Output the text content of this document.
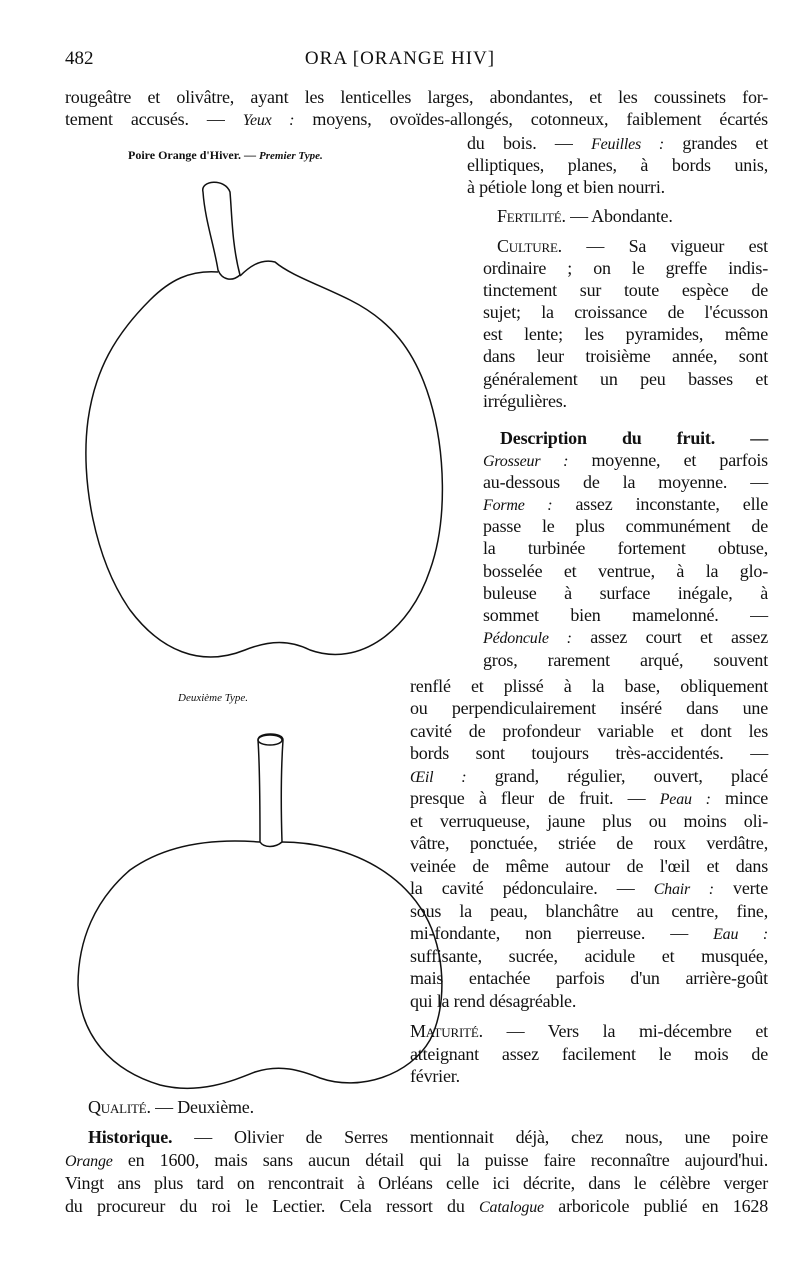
482	ORA [ORANGE HIV]
Poire Orange d'Hiver. — Premier Type.
Deuxième Type.
rougeâtre et olivâtre, ayant les lenticelles larges, abondantes, et les coussinets for-
tement accusés. — Yeux : moyens, ovoïdes-allongés, cotonneux, faiblement écartés
du bois. — Feuilles : grandes et
elliptiques, planes, à bords unis,
à pétiole long et bien nourri.
Fertilité. — Abondante.
Culture. — Sa vigueur est
ordinaire ; on le greffe indis-
tinctement sur toute espèce de
sujet; la croissance de l'écusson
est lente; les pyramides, même
dans leur troisième année, sont
généralement un peu basses et
irrégulières.
Description du fruit. —
Grosseur : moyenne, et parfois
au-dessous de la moyenne. —
Forme : assez inconstante, elle
passe le plus communément de
la turbinée fortement obtuse,
bosselée et ventrue, à la glo-
buleuse à surface inégale, à
sommet bien mamelonné. —
Pédoncule : assez court et assez
gros, rarement arqué, souvent
renflé et plissé à la base, obliquement
ou perpendiculairement inséré dans une
cavité de profondeur variable et dont les
bords sont toujours très-accidentés. —
Œil : grand, régulier, ouvert, placé
presque à fleur de fruit. — Peau : mince
et verruqueuse, jaune plus ou moins oli-
vâtre, ponctuée, striée de roux verdâtre,
veinée de même autour de l'œil et dans
la cavité pédonculaire. — Chair : verte
sous la peau, blanchâtre au centre, fine,
mi-fondante, non pierreuse. — Eau :
suffisante, sucrée, acidule et musquée,
mais entachée parfois d'un arrière-goût
qui la rend désagréable.
Maturité. — Vers la mi-décembre et
atteignant assez facilement le mois de
février.
Qualité. — Deuxième.
Historique. — Olivier de Serres mentionnait déjà, chez nous, une poire
Orange en 1600, mais sans aucun détail qui la puisse faire reconnaître aujourd'hui.
Vingt ans plus tard on rencontrait à Orléans celle ici décrite, dans le célèbre verger
du procureur du roi le Lectier. Cela ressort du Catalogue arboricole publié en 1628
